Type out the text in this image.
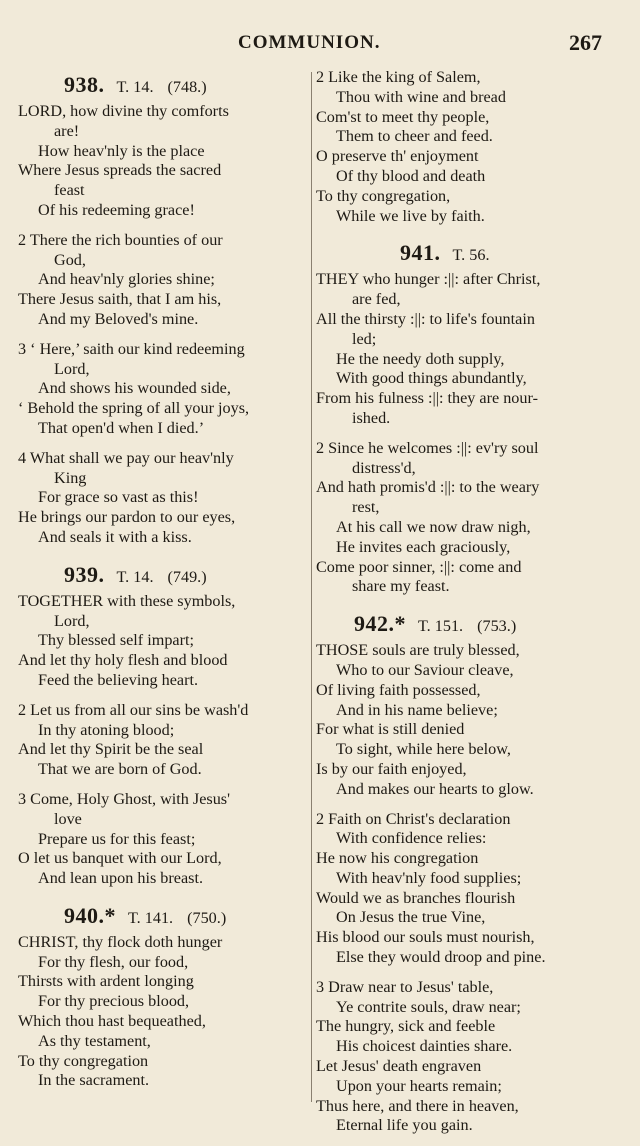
COMMUNION.	267
938. T. 14. (748.)
LORD, how divine thy comforts
are!
How heav'nly is the place
Where Jesus spreads the sacred
feast
Of his redeeming grace!
2 There the rich bounties of our
God,
And heav'nly glories shine;
There Jesus saith, that I am his,
And my Beloved's mine.
3 ‘ Here,’ saith our kind redeeming
Lord,
And shows his wounded side,
‘ Behold the spring of all your joys,
That open'd when I died.’
4 What shall we pay our heav'nly
King
For grace so vast as this!
He brings our pardon to our eyes,
And seals it with a kiss.
939. T. 14. (749.)
TOGETHER with these symbols,
Lord,
Thy blessed self impart;
And let thy holy flesh and blood
Feed the believing heart.
2 Let us from all our sins be wash'd
In thy atoning blood;
And let thy Spirit be the seal
That we are born of God.
3 Come, Holy Ghost, with Jesus'
love
Prepare us for this feast;
O let us banquet with our Lord,
And lean upon his breast.
940.* T. 141. (750.)
CHRIST, thy flock doth hunger
For thy flesh, our food,
Thirsts with ardent longing
For thy precious blood,
Which thou hast bequeathed,
As thy testament,
To thy congregation
In the sacrament.
2 Like the king of Salem,
Thou with wine and bread
Com'st to meet thy people,
Them to cheer and feed.
O preserve th' enjoyment
Of thy blood and death
To thy congregation,
While we live by faith.
941. T. 56.
THEY who hunger :||: after Christ,
are fed,
All the thirsty :||: to life's fountain
led;
He the needy doth supply,
With good things abundantly,
From his fulness :||: they are nour-
ished.
2 Since he welcomes :||: ev'ry soul
distress'd,
And hath promis'd :||: to the weary
rest,
At his call we now draw nigh,
He invites each graciously,
Come poor sinner, :||: come and
share my feast.
942.* T. 151. (753.)
THOSE souls are truly blessed,
Who to our Saviour cleave,
Of living faith possessed,
And in his name believe;
For what is still denied
To sight, while here below,
Is by our faith enjoyed,
And makes our hearts to glow.
2 Faith on Christ's declaration
With confidence relies:
He now his congregation
With heav'nly food supplies;
Would we as branches flourish
On Jesus the true Vine,
His blood our souls must nourish,
Else they would droop and pine.
3 Draw near to Jesus' table,
Ye contrite souls, draw near;
The hungry, sick and feeble
His choicest dainties share.
Let Jesus' death engraven
Upon your hearts remain;
Thus here, and there in heaven,
Eternal life you gain.
